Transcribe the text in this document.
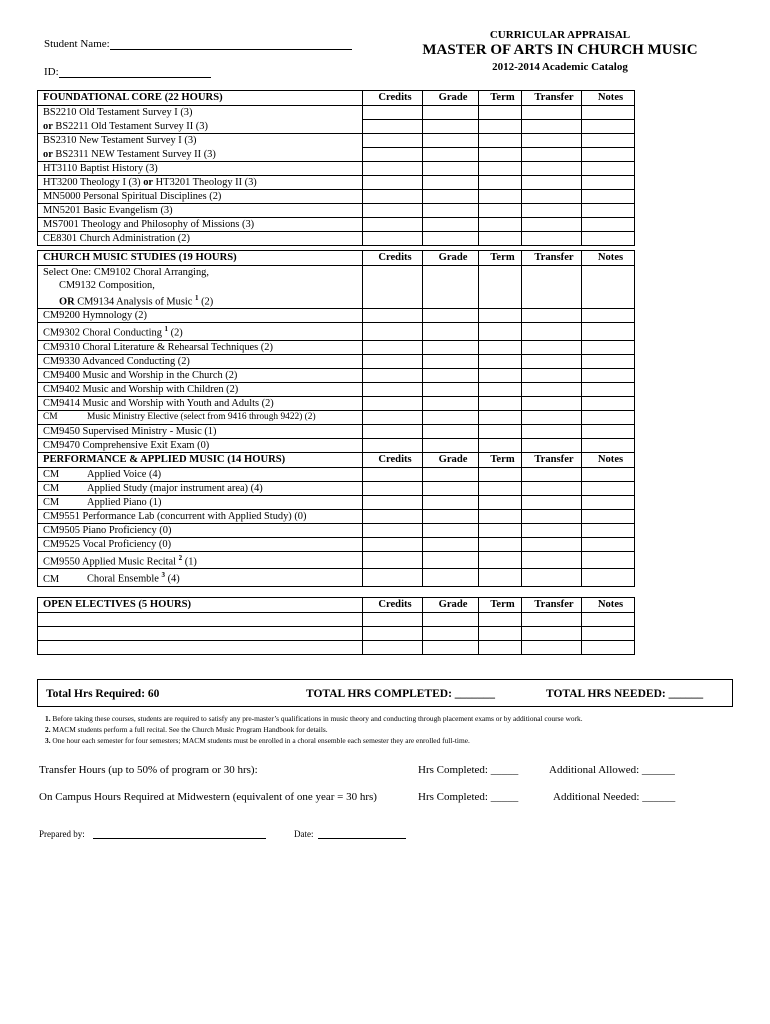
Student Name:
ID:
CURRICULAR APPRAISAL
MASTER OF ARTS IN CHURCH MUSIC
2012-2014 Academic Catalog
FOUNDATIONAL CORE (22 HOURS)	Credits	Grade	Term	Transfer	Notes
BS2210 Old Testament Survey I (3)					
or BS2211 Old Testament Survey II (3)					
BS2310 New Testament Survey I (3)					
or BS2311 NEW Testament Survey II (3)					
HT3110 Baptist History (3)					
HT3200 Theology I (3) or HT3201 Theology II (3)					
MN5000 Personal Spiritual Disciplines (2)					
MN5201 Basic Evangelism (3)					
MS7001 Theology and Philosophy of Missions (3)					
CE8301 Church Administration (2)					
CHURCH MUSIC STUDIES (19 HOURS)	Credits	Grade	Term	Transfer	Notes

Select One: CM9102 Choral Arranging,
CM9132 Composition,
OR CM9134 Analysis of Music $^1$ (2)					

CM9200 Hymnology (2)					
CM9302 Choral Conducting $^1$ (2)					
CM9310 Choral Literature & Rehearsal Techniques (2)					
CM9330 Advanced Conducting (2)					
CM9400 Music and Worship in the Church (2)					
CM9402 Music and Worship with Children (2)					
CM9414 Music and Worship with Youth and Adults (2)					
CM Music Ministry Elective (select from 9416 through 9422) (2)					
CM9450 Supervised Ministry - Music (1)					
CM9470 Comprehensive Exit Exam (0)					
PERFORMANCE & APPLIED MUSIC (14 HOURS)	Credits	Grade	Term	Transfer	Notes
CM Applied Voice (4)					
CM Applied Study (major instrument area) (4)					
CM Applied Piano (1)					
CM9551 Performance Lab (concurrent with Applied Study) (0)					
CM9505 Piano Proficiency (0)					
CM9525 Vocal Proficiency (0)					
CM9550 Applied Music Recital $^2$ (1)					
CM Choral Ensemble $^3$ (4)					
OPEN ELECTIVES (5 HOURS)	Credits	Grade	Term	Transfer	Notes

Total Hrs Required: 60	TOTAL HRS COMPLETED: _______	TOTAL HRS NEEDED: ______
1. Before taking these courses, students are required to satisfy any pre-master’s qualifications in music theory and conducting through placement exams or by additional course work.
2. MACM students perform a full recital. See the Church Music Program Handbook for details.
3. One hour each semester for four semesters; MACM students must be enrolled in a choral ensemble each semester they are enrolled full-time.
Transfer Hours (up to 50% of program or 30 hrs):	Hrs Completed: _____	Additional Allowed: ______
On Campus Hours Required at Midwestern (equivalent of one year = 30 hrs)	Hrs Completed: _____	Additional Needed: ______
Prepared by:	Date:
